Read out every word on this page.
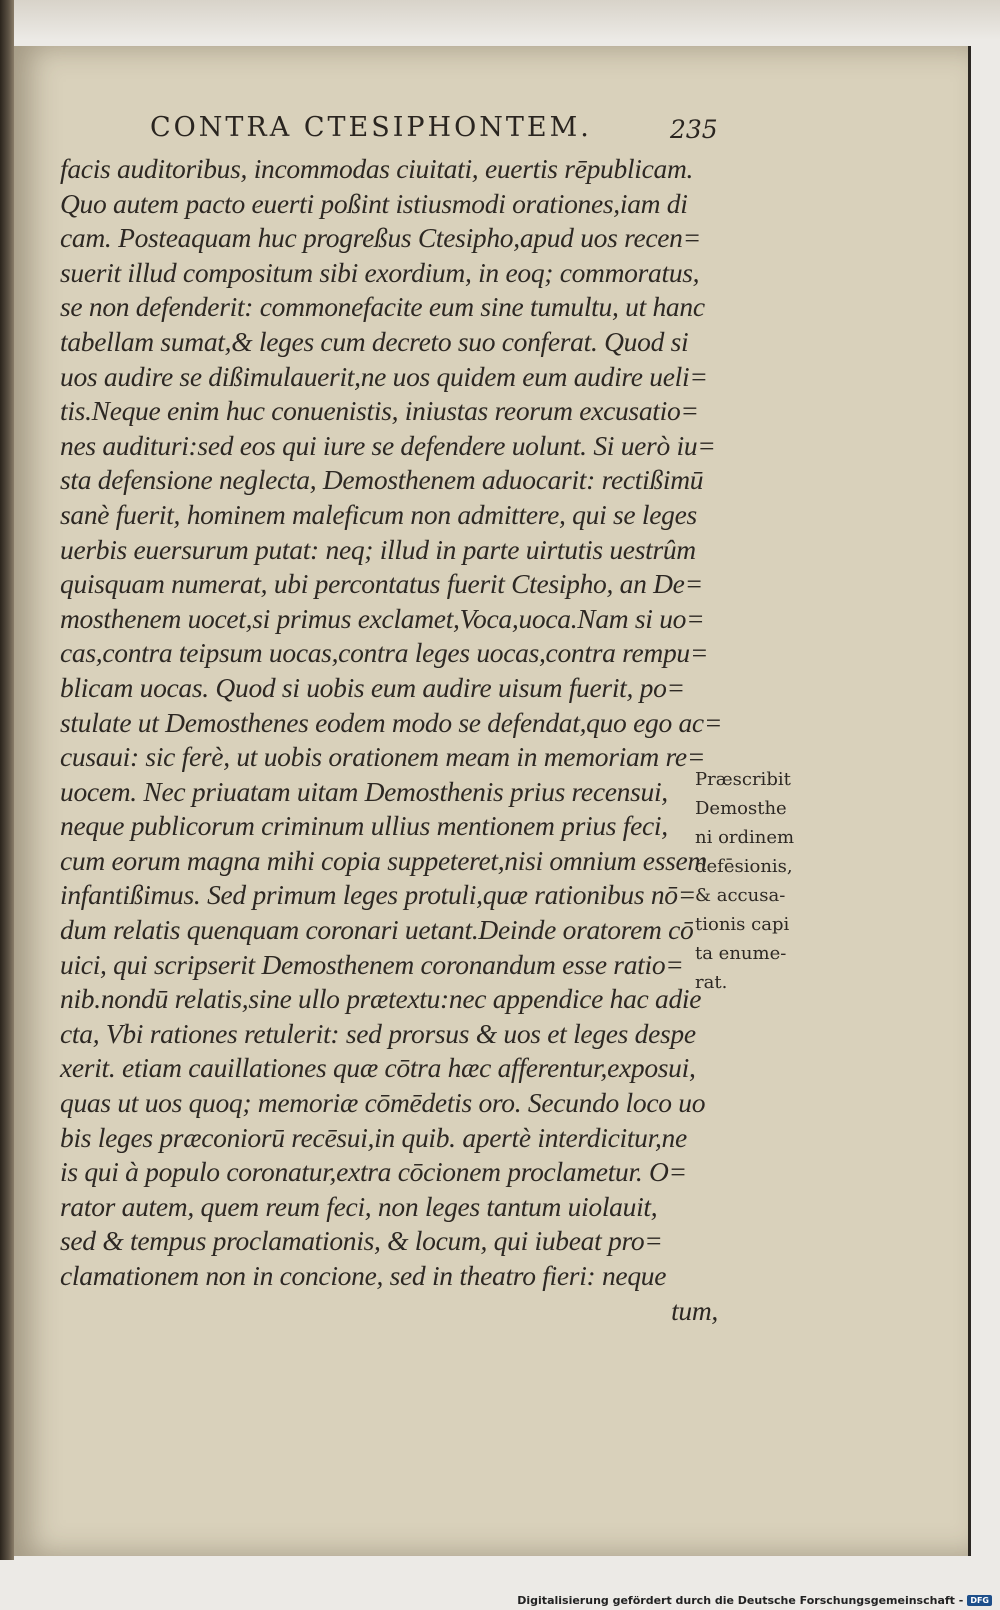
CONTRA CTESIPHONTEM.	235
facis auditoribus, incommodas ciuitati, euertis rēpublicam.
Quo autem pacto euerti poßint istiusmodi orationes,iam di
cam. Posteaquam huc progreßus Ctesipho,apud uos recen=
suerit illud compositum sibi exordium, in eoq; commoratus,
se non defenderit: commonefacite eum sine tumultu, ut hanc
tabellam sumat,& leges cum decreto suo conferat. Quod si
uos audire se dißimulauerit,ne uos quidem eum audire ueli=
tis.Neque enim huc conuenistis, iniustas reorum excusatio=
nes audituri:sed eos qui iure se defendere uolunt. Si uerò iu=
sta defensione neglecta, Demosthenem aduocarit: rectißimū
sanè fuerit, hominem maleficum non admittere, qui se leges
uerbis euersurum putat: neq; illud in parte uirtutis uestrûm
quisquam numerat, ubi percontatus fuerit Ctesipho, an De=
mosthenem uocet,si primus exclamet,Voca,uoca.Nam si uo=
cas,contra teipsum uocas,contra leges uocas,contra rempu=
blicam uocas. Quod si uobis eum audire uisum fuerit, po=
stulate ut Demosthenes eodem modo se defendat,quo ego ac=
cusaui: sic ferè, ut uobis orationem meam in memoriam re=
uocem. Nec priuatam uitam Demosthenis prius recensui,
neque publicorum criminum ullius mentionem prius feci,
cum eorum magna mihi copia suppeteret,nisi omnium essem
infantißimus. Sed primum leges protuli,quæ rationibus nō=
dum relatis quenquam coronari uetant.Deinde oratorem cō
uici, qui scripserit Demosthenem coronandum esse ratio=
nib.nondū relatis,sine ullo prætextu:nec appendice hac adie
cta, Vbi rationes retulerit: sed prorsus & uos et leges despe
xerit. etiam cauillationes quæ cōtra hæc afferentur,exposui,
quas ut uos quoq; memoriæ cōmēdetis oro. Secundo loco uo
bis leges præconiorū recēsui,in quib. apertè interdicitur,ne
is qui à populo coronatur,extra cōcionem proclametur. O=
rator autem, quem reum feci, non leges tantum uiolauit,
sed & tempus proclamationis, & locum, qui iubeat pro=
clamationem non in concione, sed in theatro fieri: neque
tum,
Præscribit
Demosthe
ni ordinem
defēsionis,
& accusa-
tionis capi
ta enume-
rat.
Digitalisierung gefördert durch die Deutsche Forschungsgemeinschaft - DFG
